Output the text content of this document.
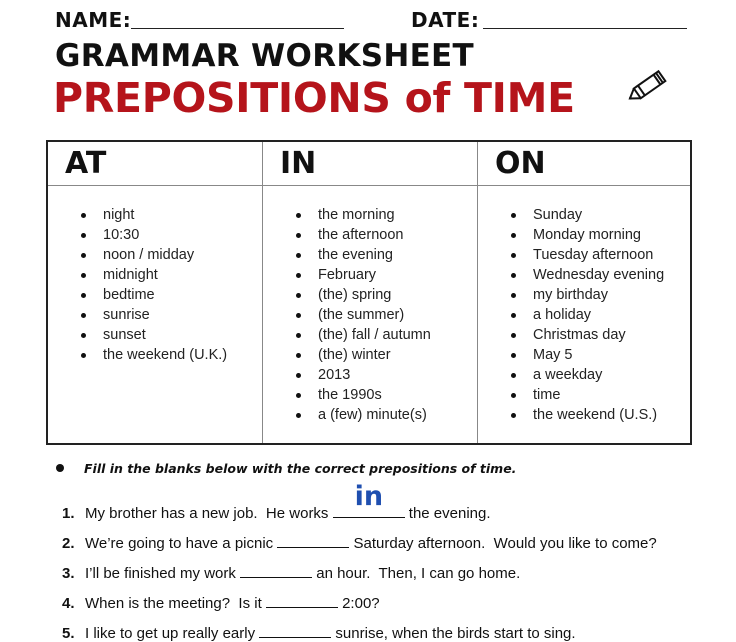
NAME:	DATE:
GRAMMAR WORKSHEET
PREPOSITIONS of TIME
AT
night
10:30
noon / midday
midnight
bedtime
sunrise
sunset
the weekend (U.K.)
IN
the morning
the afternoon
the evening
February
(the) spring
(the summer)
(the) fall / autumn
(the) winter
2013
the 1990s
a (few) minute(s)
ON
Sunday
Monday morning
Tuesday afternoon
Wednesday evening
my birthday
a holiday
Christmas day
May 5
a weekday
time
the weekend (U.S.)
Fill in the blanks below with the correct prepositions of time.
1. My brother has a new job.  He works
in
the evening.
2. We’re going to have a picnic	Saturday afternoon.  Would you like to come?
3. I’ll be finished my work	an hour.  Then, I can go home.
4. When is the meeting?  Is it	2:00?
5. I like to get up really early	sunrise, when the birds start to sing.
